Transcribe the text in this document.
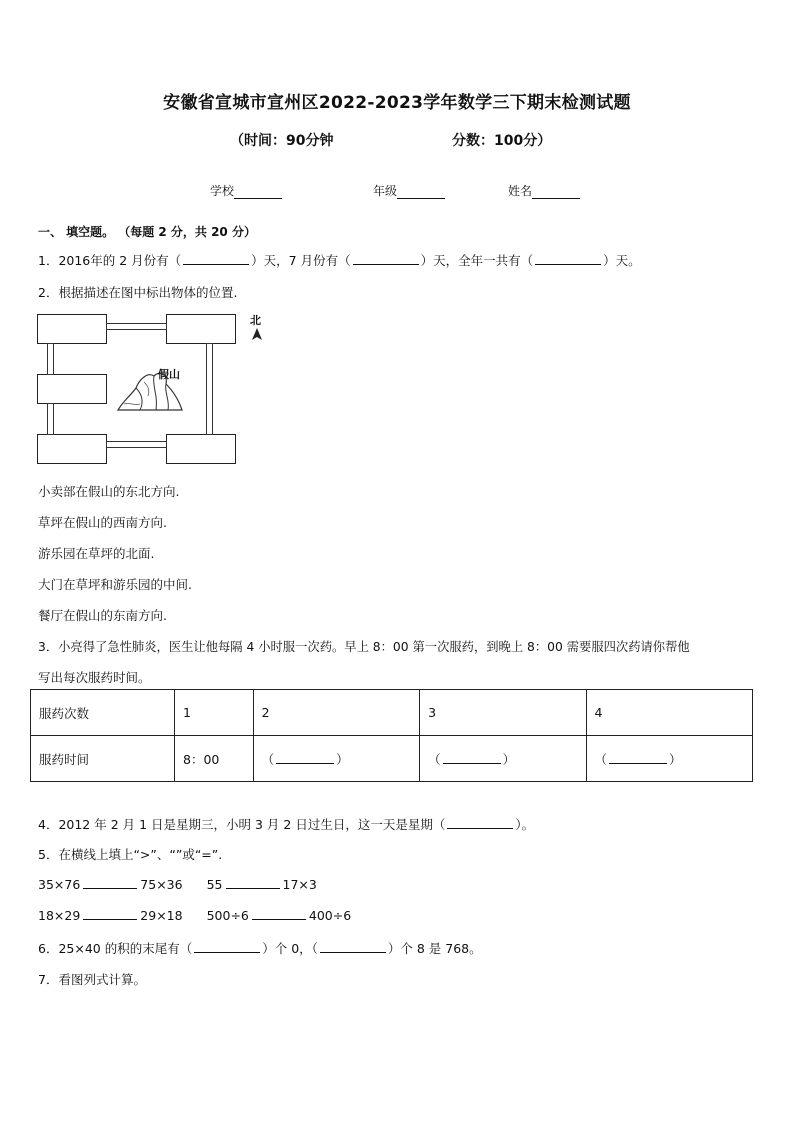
安徽省宣城市宣州区2022-2023学年数学三下期末检测试题
（时间：90分钟	分数：100分）
学校	年级	姓名
一、 填空题。 （每题 2 分，共 20 分）
1．2016年的 2 月份有（	）天，7 月份有（	）天，全年一共有（	）天。
2．根据描述在图中标出物体的位置.
假山
北
小卖部在假山的东北方向.
草坪在假山的西南方向.
游乐园在草坪的北面.
大门在草坪和游乐园的中间.
餐厅在假山的东南方向.
3．小亮得了急性肺炎，医生让他每隔 4 小时服一次药。早上 8：00 第一次服药，到晚上 8：00 需要服四次药请你帮他
写出每次服药时间。
服药次数	1	2	3	4
服药时间	8：00	（ ）	（ ）	（ ）
4．2012 年 2 月 1 日是星期三，小明 3 月 2 日过生日，这一天是星期（	）。
5．在横线上填上“>”、“”或“=”.
35×76	75×36 55	17×3
18×29	29×18 500÷6	400÷6
6．25×40 的积的末尾有（	）个 0，（	）个 8 是 768。
7．看图列式计算。
